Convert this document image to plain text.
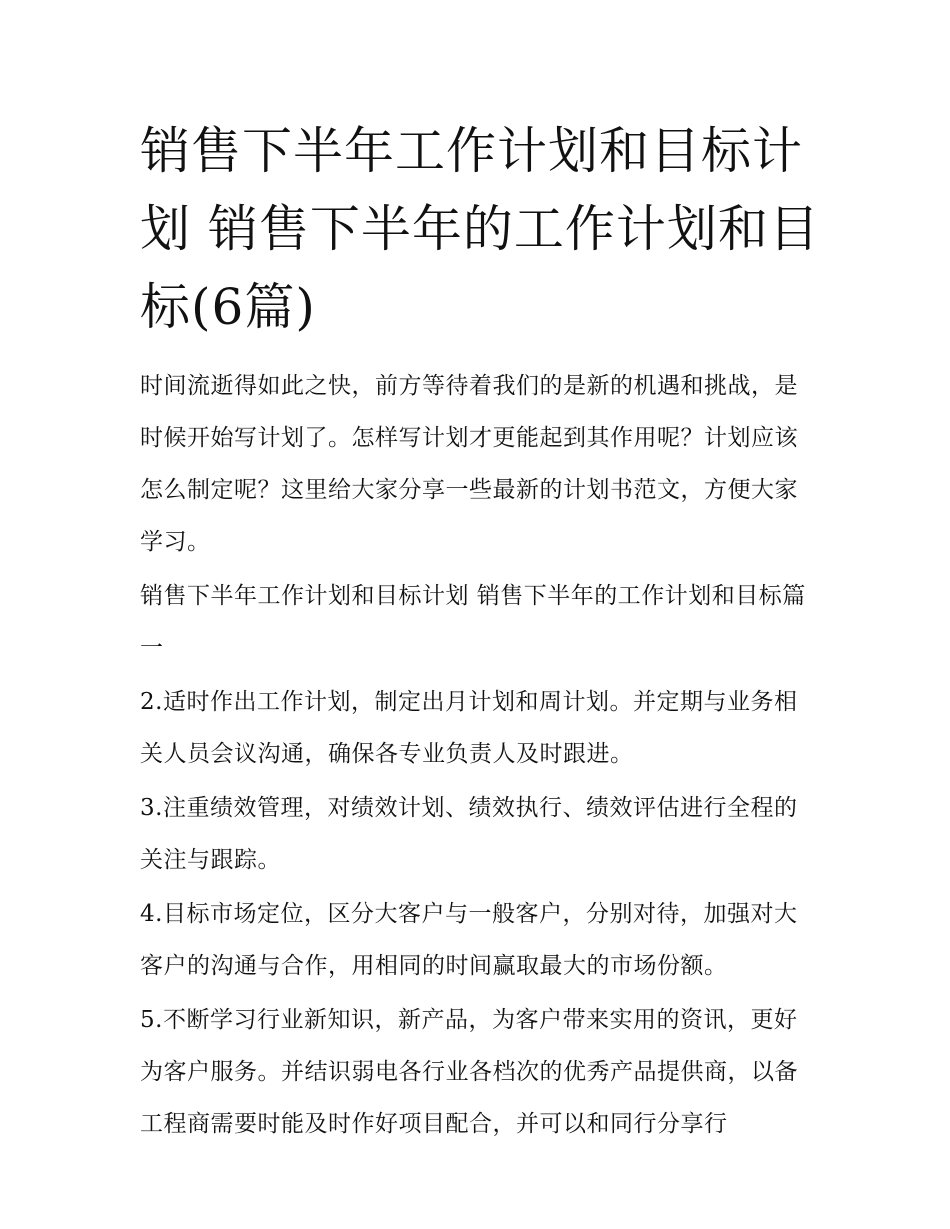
销售下半年工作计划和目标计划 销售下半年的工作计划和目标(6篇)

时间流逝得如此之快，前方等待着我们的是新的机遇和挑战，是时候开始写计划了。怎样写计划才更能起到其作用呢？计划应该怎么制定呢？这里给大家分享一些最新的计划书范文，方便大家学习。

销售下半年工作计划和目标计划 销售下半年的工作计划和目标篇一

2.适时作出工作计划，制定出月计划和周计划。并定期与业务相关人员会议沟通，确保各专业负责人及时跟进。

3.注重绩效管理，对绩效计划、绩效执行、绩效评估进行全程的关注与跟踪。

4.目标市场定位，区分大客户与一般客户，分别对待，加强对大客户的沟通与合作，用相同的时间赢取最大的市场份额。

5.不断学习行业新知识，新产品，为客户带来实用的资讯，更好为客户服务。并结识弱电各行业各档次的优秀产品提供商，以备工程商需要时能及时作好项目配合，并可以和同行分享行
